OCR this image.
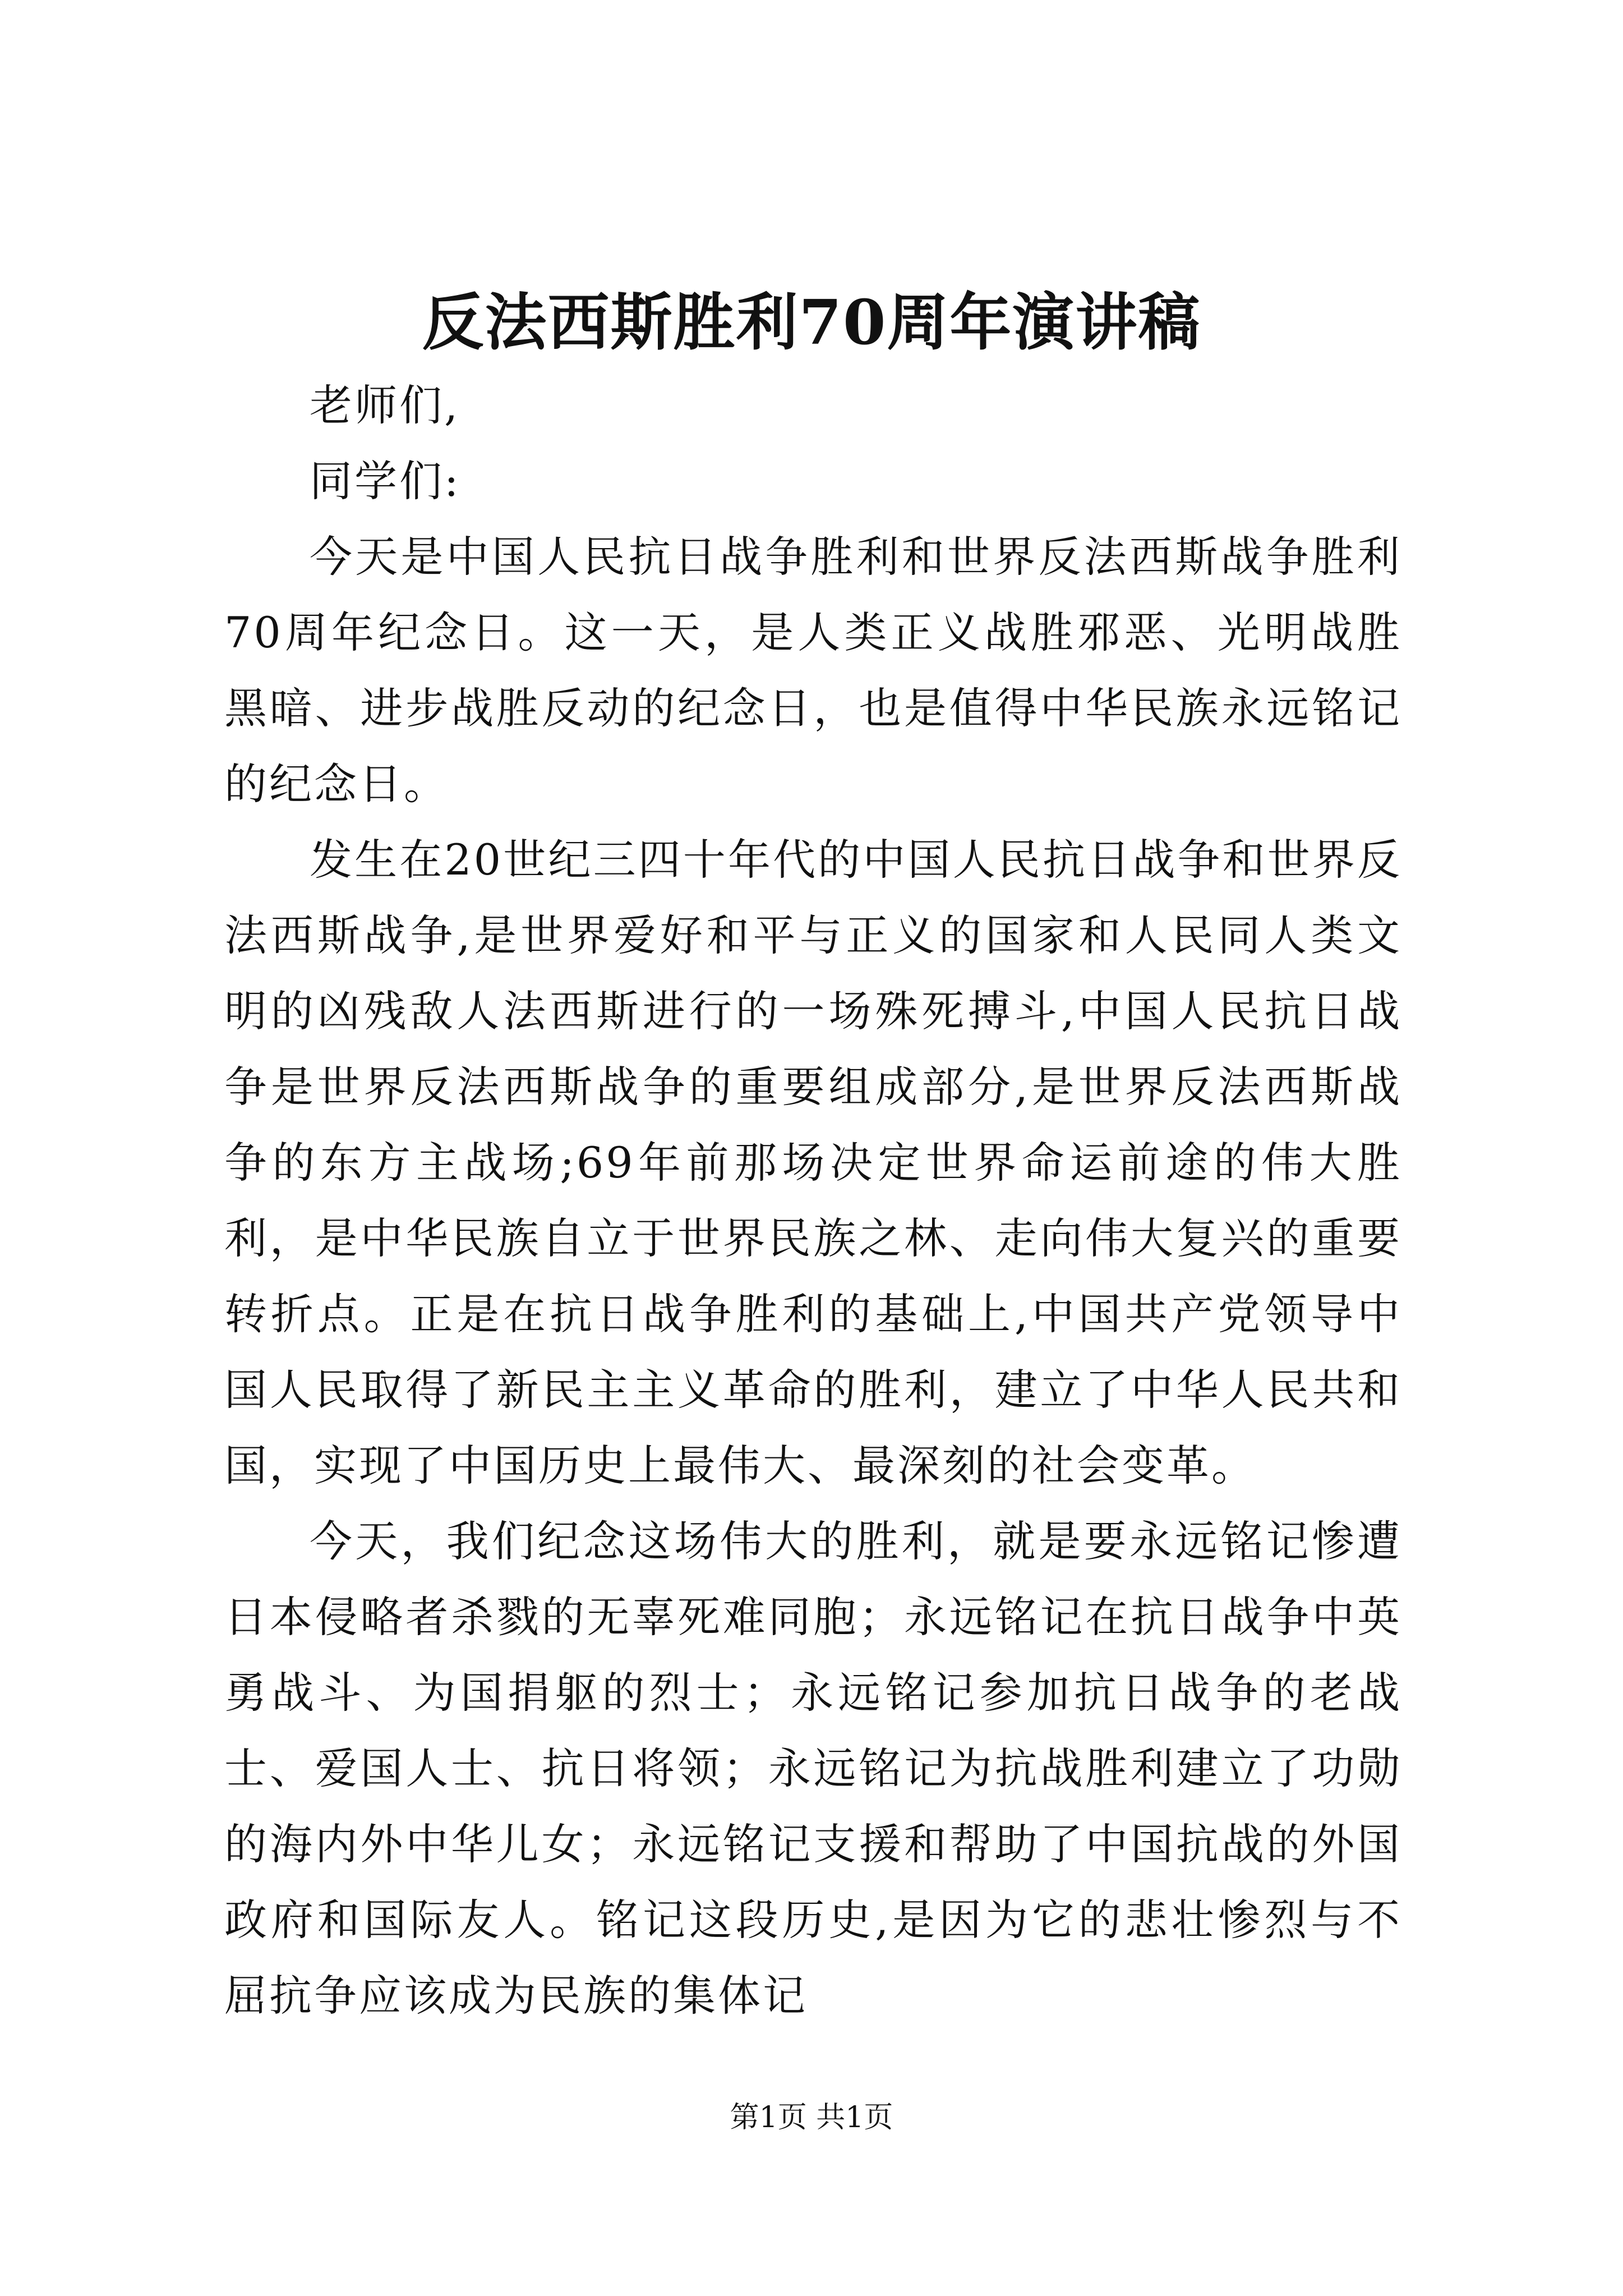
反法西斯胜利70周年演讲稿

老师们,

同学们:

今天是中国人民抗日战争胜利和世界反法西斯战争胜利70周年纪念日。这一天，是人类正义战胜邪恶、光明战胜黑暗、进步战胜反动的纪念日，也是值得中华民族永远铭记的纪念日。

发生在20世纪三四十年代的中国人民抗日战争和世界反法西斯战争,是世界爱好和平与正义的国家和人民同人类文明的凶残敌人法西斯进行的一场殊死搏斗,中国人民抗日战争是世界反法西斯战争的重要组成部分,是世界反法西斯战争的东方主战场;69年前那场决定世界命运前途的伟大胜利，是中华民族自立于世界民族之林、走向伟大复兴的重要转折点。正是在抗日战争胜利的基础上,中国共产党领导中国人民取得了新民主主义革命的胜利，建立了中华人民共和国，实现了中国历史上最伟大、最深刻的社会变革。

今天，我们纪念这场伟大的胜利，就是要永远铭记惨遭日本侵略者杀戮的无辜死难同胞；永远铭记在抗日战争中英勇战斗、为国捐躯的烈士；永远铭记参加抗日战争的老战士、爱国人士、抗日将领；永远铭记为抗战胜利建立了功勋的海内外中华儿女；永远铭记支援和帮助了中国抗战的外国政府和国际友人。铭记这段历史,是因为它的悲壮惨烈与不屈抗争应该成为民族的集体记

第1页 共1页
